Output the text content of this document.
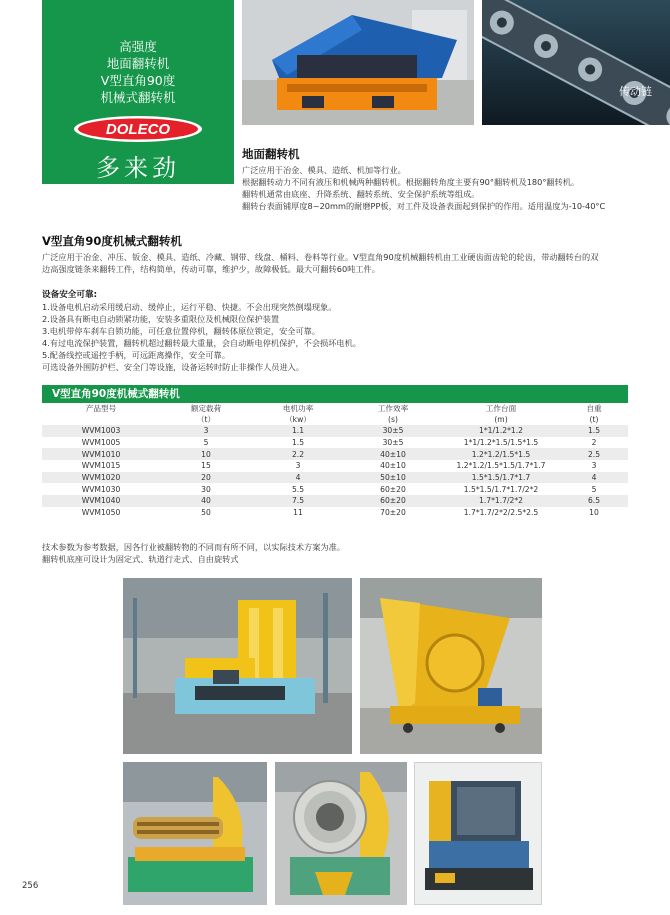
高强度
地面翻转机
V型直角90度
机械式翻转机
DOLECO
多来劲
传动链
地面翻转机
广泛应用于冶金、模具、造纸、机加等行业。
根据翻转动力不同有液压和机械两种翻转机。根据翻转角度主要有90°翻转机及180°翻转机。
翻转机通常由底座、升降系统、翻转系统、安全保护系统等组成。
翻转台表面铺厚度8~20mm的耐磨PP板，对工件及设备表面起到保护的作用。适用温度为-10-40°C
V型直角90度机械式翻转机
广泛应用于冶金、冲压、钣金、模具、造纸、冷藏、钢带、线盘、桶料、卷料等行业。V型直角90度机械翻转机由工业硬齿面齿轮的轮齿，带动翻转台的双
边高强度链条来翻转工件，结构简单，传动可靠，维护少，故障极低。最大可翻转60吨工件。
设备安全可靠:
1.设备电机启动采用缓启动、缓停止，运行平稳、快捷。不会出现突然倒塌现象。
2.设备具有断电自动锁紧功能，安装多重限位及机械限位保护装置
3.电机带停车刹车自锁功能，可任意位置停机，翻转体原位锁定，安全可靠。
4.有过电流保护装置，翻转机超过翻转最大重量，会自动断电停机保护，不会损坏电机。
5.配备线控或遥控手柄，可远距离操作，安全可靠。
可选设备外围防护栏、安全门等设施，设备运转时防止非操作人员进入。
V型直角90度机械式翻转机
产品型号	额定载荷	电机功率	工作效率	工作台面	自重
	（t）	（kw）	(s)	(m)	(t)
WVM1003	3	1.1	30±5	1*1/1.2*1.2	1.5
WVM1005	5	1.5	30±5	1*1/1.2*1.5/1.5*1.5	2
WVM1010	10	2.2	40±10	1.2*1.2/1.5*1.5	2.5
WVM1015	15	3	40±10	1.2*1.2/1.5*1.5/1.7*1.7	3
WVM1020	20	4	50±10	1.5*1.5/1.7*1.7	4
WVM1030	30	5.5	60±20	1.5*1.5/1.7*1.7/2*2	5
WVM1040	40	7.5	60±20	1.7*1.7/2*2	6.5
WVM1050	50	11	70±20	1.7*1.7/2*2/2.5*2.5	10
技术参数为参考数据，因各行业被翻转物的不同而有所不同，以实际技术方案为准。
翻转机底座可设计为固定式、轨道行走式、自由旋转式
256
